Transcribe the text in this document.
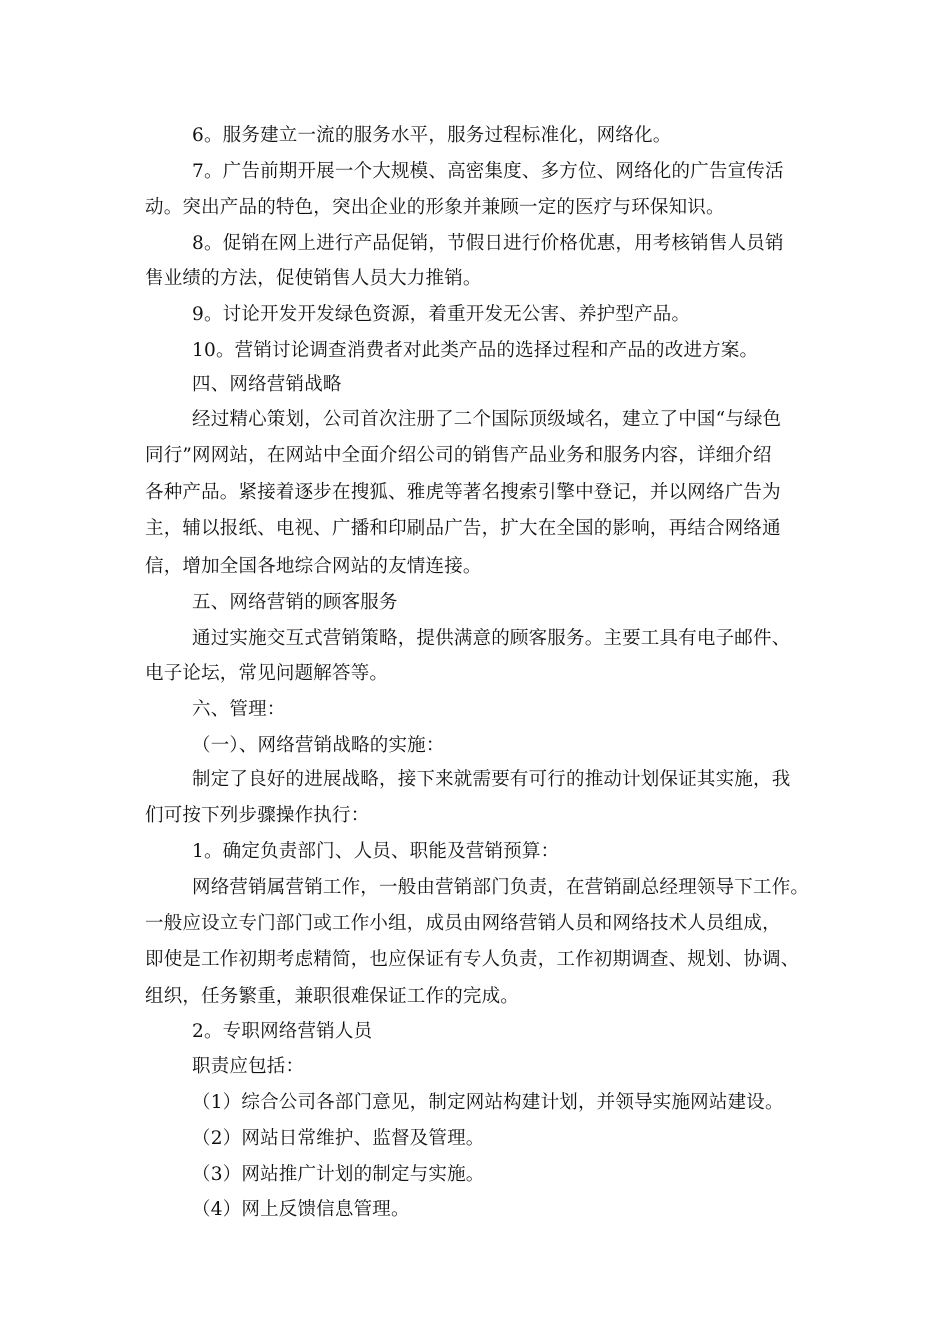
6。服务建立一流的服务水平，服务过程标准化，网络化。
7。广告前期开展一个大规模、高密集度、多方位、网络化的广告宣传活
动。突出产品的特色，突出企业的形象并兼顾一定的医疗与环保知识。
8。促销在网上进行产品促销，节假日进行价格优惠，用考核销售人员销
售业绩的方法，促使销售人员大力推销。
9。讨论开发开发绿色资源，着重开发无公害、养护型产品。
10。营销讨论调查消费者对此类产品的选择过程和产品的改进方案。
四、网络营销战略
经过精心策划，公司首次注册了二个国际顶级域名，建立了中国“与绿色
同行”网网站，在网站中全面介绍公司的销售产品业务和服务内容，详细介绍
各种产品。紧接着逐步在搜狐、雅虎等著名搜索引擎中登记，并以网络广告为
主，辅以报纸、电视、广播和印刷品广告，扩大在全国的影响，再结合网络通
信，增加全国各地综合网站的友情连接。
五、网络营销的顾客服务
通过实施交互式营销策略，提供满意的顾客服务。主要工具有电子邮件、
电子论坛，常见问题解答等。
六、管理：
（一）、网络营销战略的实施：
制定了良好的进展战略，接下来就需要有可行的推动计划保证其实施，我
们可按下列步骤操作执行：
1。确定负责部门、人员、职能及营销预算：
网络营销属营销工作，一般由营销部门负责，在营销副总经理领导下工作。
一般应设立专门部门或工作小组，成员由网络营销人员和网络技术人员组成，
即使是工作初期考虑精简，也应保证有专人负责，工作初期调查、规划、协调、
组织，任务繁重，兼职很难保证工作的完成。
2。专职网络营销人员
职责应包括：
（1）综合公司各部门意见，制定网站构建计划，并领导实施网站建设。
（2）网站日常维护、监督及管理。
（3）网站推广计划的制定与实施。
（4）网上反馈信息管理。
